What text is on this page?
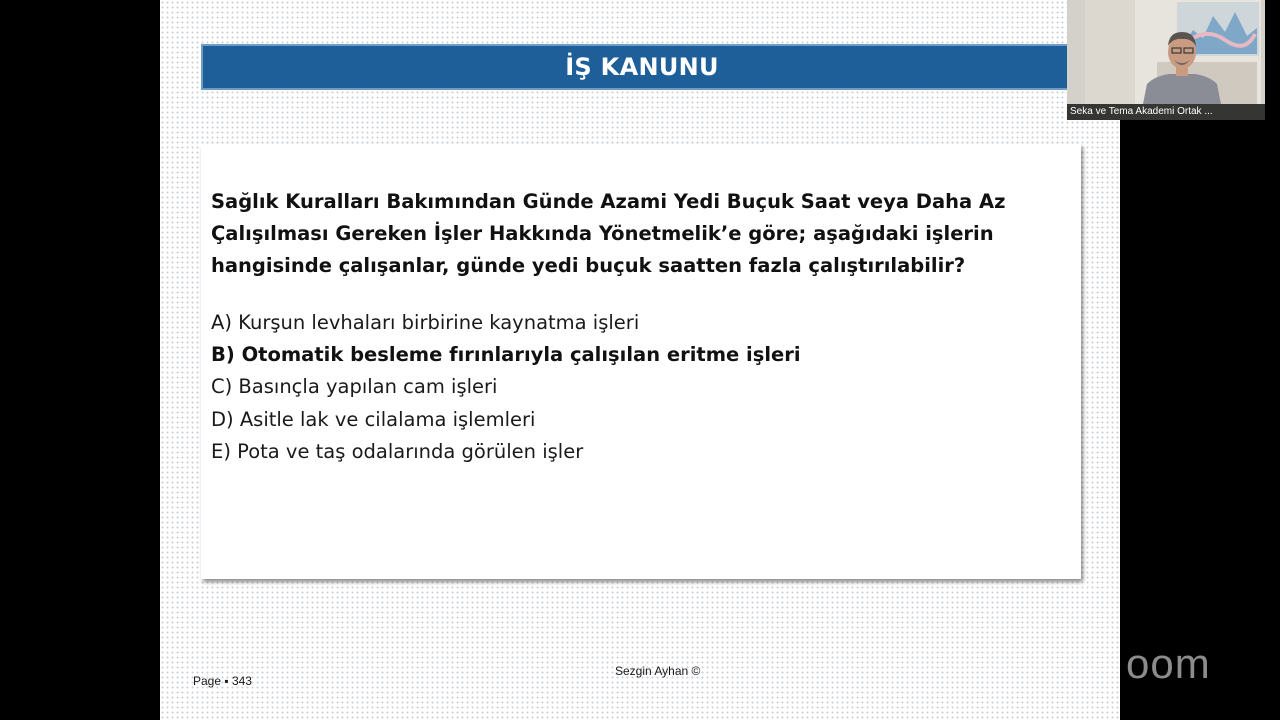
İŞ KANUNU

Sağlık Kuralları Bakımından Günde Azami Yedi Buçuk Saat veya Daha Az Çalışılması Gereken İşler Hakkında Yönetmelik’e göre; aşağıdaki işlerin hangisinde çalışanlar, günde yedi buçuk saatten fazla çalıştırılabilir?

A) Kurşun levhaları birbirine kaynatma işleri
B) Otomatik besleme fırınlarıyla çalışılan eritme işleri
C) Basınçla yapılan cam işleri
D) Asitle lak ve cilalama işlemleri
E) Pota ve taş odalarında görülen işler
Sezgin Ayhan ©
Page ▪ 343	oom
Seka ve Tema Akademi Ortak ...
